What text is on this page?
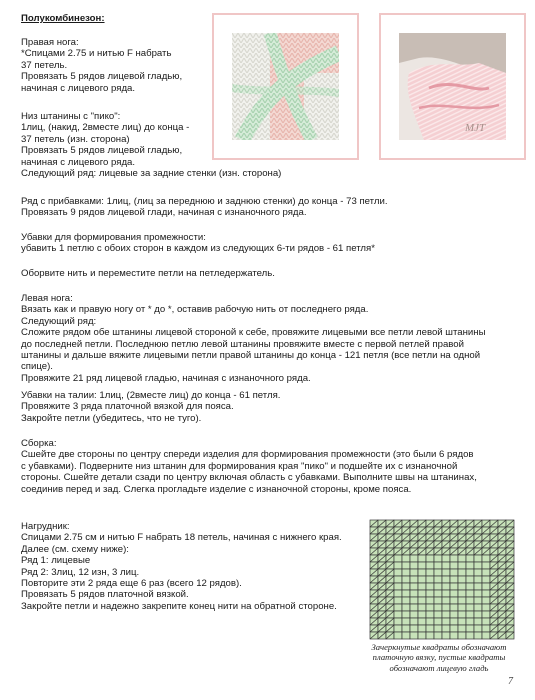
Полукомбинезон:
Правая нога:
*Спицами 2.75 и нитью F набрать
37 петель.
Провязать 5 рядов лицевой гладью,
начиная с лицевого ряда.
Низ штанины с "пико":
1лиц, (накид, 2вместе лиц) до конца -
37 петель (изн. сторона)
Провязать 5 рядов лицевой гладью,
начиная с лицевого ряда.
Следующий ряд: лицевые за задние стенки (изн. сторона)
Ряд с прибавками: 1лиц, (лиц за переднюю и заднюю стенки) до конца - 73 петли.
Провязать 9 рядов лицевой глади, начиная с изнаночного ряда.
Убавки для формирования промежности:
убавить 1 петлю с обоих сторон в каждом из следующих 6-ти рядов - 61 петля*
Оборвите нить и переместите петли на петледержатель.
Левая нога:
Вязать как и правую ногу от * до *, оставив рабочую нить от последнего ряда.
Следующий ряд:
Сложите рядом обе штанины лицевой стороной к себе, провяжите лицевыми все петли левой штанины
до последней петли. Последнюю петлю левой штанины провяжите вместе с первой петлей правой
штанины и дальше вяжите лицевыми петли правой штанины до конца - 121 петля (все петли на одной
спице).
Провяжите 21 ряд лицевой гладью, начиная с изнаночного ряда.
Убавки на талии: 1лиц, (2вместе лиц) до конца - 61 петля.
Провяжите 3 ряда платочной вязкой для пояса.
Закройте петли (убедитесь, что не туго).
Сборка:
Сшейте две стороны по центру спереди изделия для формирования промежности (это были 6 рядов
с убавками). Подверните низ штанин для формирования края "пико" и подшейте их с изнаночной
стороны. Сшейте детали сзади по центру включая область с убавками. Выполните швы на штанинах,
соединив перед и зад. Слегка прогладьте изделие с изнаночной стороны, кроме пояса.
Нагрудник:
Спицами 2.75 см и нитью F набрать 18 петель, начиная с нижнего края.
Далее (см. схему ниже):
Ряд 1: лицевые
Ряд 2: 3лиц, 12 изн, 3 лиц.
Повторите эти 2 ряда еще 6 раз (всего 12 рядов).
Провязать 5 рядов платочной вязкой.
Закройте петли и надежно закрепите конец нити на обратной стороне.
MJT
Зачеркнутые квадраты обозначают
платочную вязку, пустые квадраты
обозначают лицевую гладь
7
